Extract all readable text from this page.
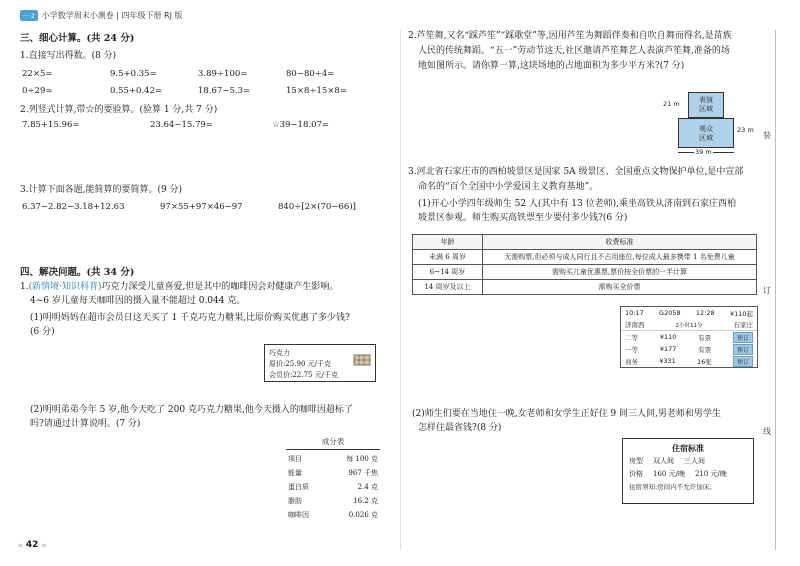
一 2 小学数学周末小测卷 | 四年级下册 RJ 版
三、细心计算。(共 24 分)
1.直接写出得数。(8 分)
22×5=	9.5+0.35=	3.89÷100=	80−80÷4=
0÷29=	0.55+0.42=	18.67−5.3=	15×8÷15×8=
2.列竖式计算,带☆的要验算。(验算 1 分,共 7 分)
7.85+15.96=	23.64−15.79=	☆39−18.07=
3.计算下面各题,能简算的要简算。(9 分)
6.37−2.82−3.18+12.63	97×55+97×46−97	840÷[2×(70−66)]
四、解决问题。(共 34 分)
1.(新情境·知识科普)巧克力深受儿童喜爱,但是其中的咖啡因会对健康产生影响。
4~6 岁儿童每天咖啡因的摄入量不能超过 0.044 克。
(1)明明妈妈在超市会员日这天买了 1 千克巧克力糖果,比原价购买优惠了多少钱?
(6 分)
巧克力
原价:25.90 元/千克
会员价:22.75 元/千克
(2)明明弟弟今年 5 岁,他今天吃了 200 克巧克力糖果,他今天摄入的咖啡因超标了
吗?请通过计算说明。(7 分)
成分表
项目	每 100 克
能量	967 千焦
蛋白质	2.4 克
脂肪	16.2 克
咖啡因	0.026 克
« 42 »
2.芦笙舞,又名“踩芦笙”“踩歌堂”等,因用芦笙为舞蹈伴奏和自吹自舞而得名,是苗族
人民的传统舞蹈。“五一”劳动节这天,社区邀请芦笙舞艺人表演芦笙舞,准备的场
地如图所示。请你算一算,这块场地的占地面积为多少平方米?(7 分)
表演
区域
观众
区域
21 m
23 m
39 m
3.河北省石家庄市的西柏坡景区是国家 5A 级景区、全国重点文物保护单位,是中宣部
命名的“百个全国中小学爱国主义教育基地”。
(1)开心小学四年级师生 52 人(其中有 13 位老师),乘坐高铁从济南到石家庄西柏
坡景区参观。师生购买高铁票至少要付多少钱?(6 分)
年龄	收费标准
未满 6 周岁	无需购票,但必须与成人同行且不占用座位,每位成人最多携带 1 名免费儿童
6~14 周岁	需购买儿童优惠票,票价按全价票的一半计算
14 周岁及以上	需购买全价票
10:17 G2058 12:28 ¥110起
济南西	2小时11分	石家庄
二等	¥110	有票	预订
一等	¥177	有票	预订
商务	¥331	16张	预订
(2)师生们要在当地住一晚,女老师和女学生正好住 9 间三人间,男老师和男学生
怎样住最省钱?(8 分)
住宿标准
房型 双人间 三人间
价格 160 元/晚 210 元/晚
住宿须知:房间内不允许加床。
装
订
线
